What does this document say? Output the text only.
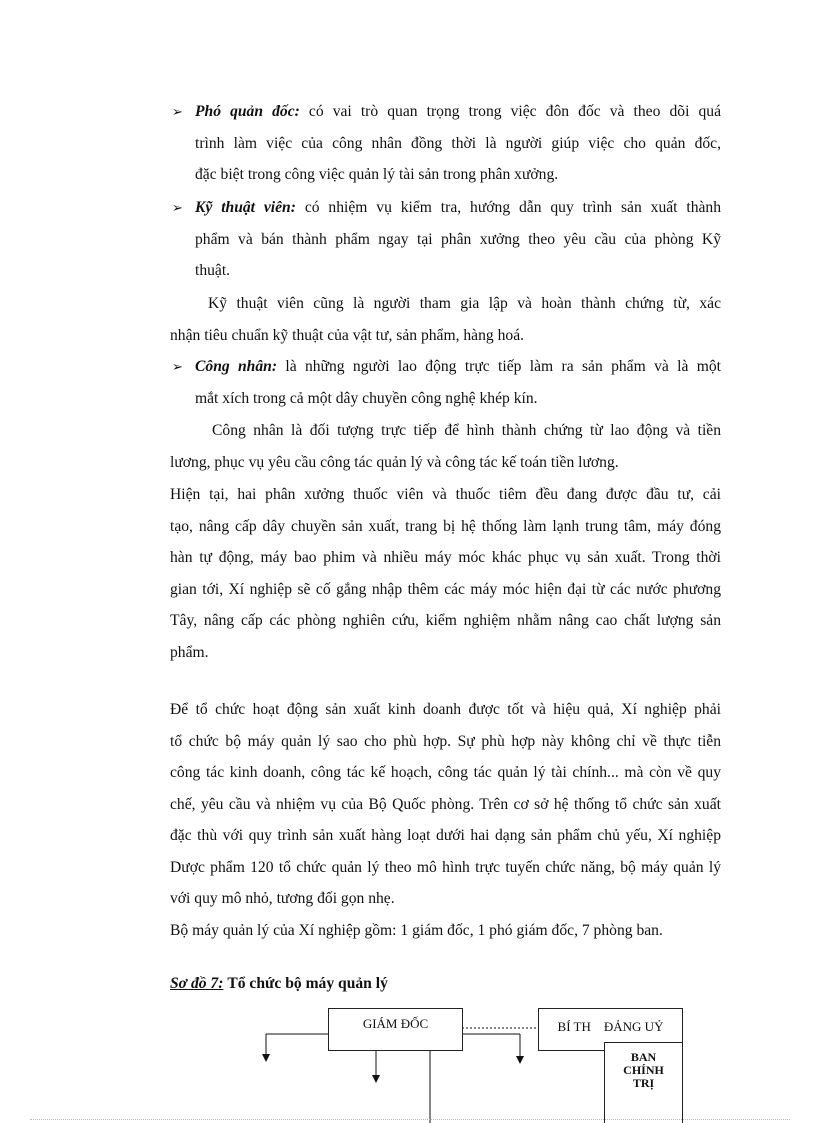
➢ Phó quản đốc: có vai trò quan trọng trong việc đôn đốc và theo dõi quá
trình làm việc của công nhân đồng thời là người giúp việc cho quản đốc,
đặc biệt trong công việc quản lý tài sản trong phân xưởng.
➢ Kỹ thuật viên: có nhiệm vụ kiểm tra, hướng dẫn quy trình sản xuất thành
phẩm và bán thành phẩm ngay tại phân xưởng theo yêu cầu của phòng Kỹ
thuật.
Kỹ thuật viên cũng là người tham gia lập và hoàn thành chứng từ, xác
nhận tiêu chuẩn kỹ thuật của vật tư, sản phẩm, hàng hoá.
➢ Công nhân: là những người lao động trực tiếp làm ra sản phẩm và là một
mắt xích trong cả một dây chuyền công nghệ khép kín.
Công nhân là đối tượng trực tiếp để hình thành chứng từ lao động và tiền
lương, phục vụ yêu cầu công tác quản lý và công tác kế toán tiền lương.
Hiện tại, hai phân xưởng thuốc viên và thuốc tiêm đều đang được đầu tư, cải
tạo, nâng cấp dây chuyền sản xuất, trang bị hệ thống làm lạnh trung tâm, máy đóng
hàn tự động, máy bao phim và nhiều máy móc khác phục vụ sản xuất. Trong thời
gian tới, Xí nghiệp sẽ cố gắng nhập thêm các máy móc hiện đại từ các nước phương
Tây, nâng cấp các phòng nghiên cứu, kiểm nghiệm nhằm nâng cao chất lượng sản
phẩm.
Để tổ chức hoạt động sản xuất kinh doanh được tốt và hiệu quả, Xí nghiệp phải
tổ chức bộ máy quản lý sao cho phù hợp. Sự phù hợp này không chỉ về thực tiễn
công tác kinh doanh, công tác kế hoạch, công tác quản lý tài chính... mà còn về quy
chế, yêu cầu và nhiệm vụ của Bộ Quốc phòng. Trên cơ sở hệ thống tổ chức sản xuất
đặc thù với quy trình sản xuất hàng loạt dưới hai dạng sản phẩm chủ yếu, Xí nghiệp
Dược phẩm 120 tổ chức quản lý theo mô hình trực tuyến chức năng, bộ máy quản lý
với quy mô nhỏ, tương đối gọn nhẹ.
Bộ máy quản lý của Xí nghiệp gồm: 1 giám đốc, 1 phó giám đốc, 7 phòng ban.
Sơ đồ 7: Tổ chức bộ máy quản lý
GIÁM ĐỐC	BÍ TH    ĐẢNG UỶ
BAN CHÍNH TRỊ
